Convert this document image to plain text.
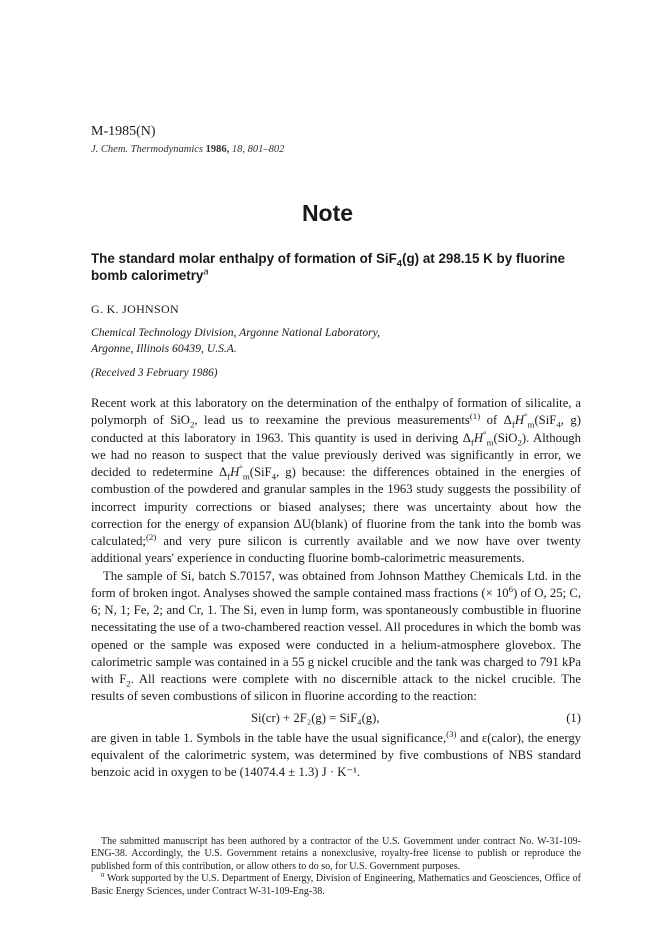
M-1985(N)
J. Chem. Thermodynamics 1986, 18, 801–802
Note
The standard molar enthalpy of formation of SiF$_4$(g) at 298.15 K by fluorine bomb calorimetry$^a$
G. K. JOHNSON
Chemical Technology Division, Argonne National Laboratory,
Argonne, Illinois 60439, U.S.A.
(Received 3 February 1986)

Recent work at this laboratory on the determination of the enthalpy of formation of silicalite, a polymorph of SiO$_2$, lead us to reexamine the previous measurements$^{(1)}$ of $\Delta_fH^\circ_m(SiF_4$, g) conducted at this laboratory in 1963. This quantity is used in deriving $\Delta_fH^\circ_m(SiO_2)$. Although we had no reason to suspect that the value previously derived was significantly in error, we decided to redetermine $\Delta_fH^\circ_m(SiF_4$, g) because: the differences obtained in the energies of combustion of the powdered and granular samples in the 1963 study suggests the possibility of incorrect impurity corrections or biased analyses; there was uncertainty about how the correction for the energy of expansion ΔU(blank) of fluorine from the tank into the bomb was calculated;$^{(2)}$ and very pure silicon is currently available and we now have over twenty additional years' experience in conducting fluorine bomb-calorimetric measurements.

The sample of Si, batch S.70157, was obtained from Johnson Matthey Chemicals Ltd. in the form of broken ingot. Analyses showed the sample contained mass fractions (× $10^6$) of O, 25; C, 6; N, 1; Fe, 2; and Cr, 1. The Si, even in lump form, was spontaneously combustible in fluorine necessitating the use of a two-chambered reaction vessel. All procedures in which the bomb was opened or the sample was exposed were conducted in a helium-atmosphere glovebox. The calorimetric sample was contained in a 55 g nickel crucible and the tank was charged to 791 kPa with $F_2$. All reactions were complete with no discernible attack to the nickel crucible. The results of seven combustions of silicon in fluorine according to the reaction:

Si(cr) + 2F₂(g) = SiF₄(g),	(1)

are given in table 1. Symbols in the table have the usual significance,$^{(3)}$ and ε(calor), the energy equivalent of the calorimetric system, was determined by five combustions of NBS standard benzoic acid in oxygen to be (14074.4 ± 1.3) J · K⁻¹.

The submitted manuscript has been authored by a contractor of the U.S. Government under contract No. W-31-109-ENG-38. Accordingly, the U.S. Government retains a nonexclusive, royalty-free license to publish or reproduce the published form of this contribution, or allow others to do so, for U.S. Government purposes.

$^a$ Work supported by the U.S. Department of Energy, Division of Engineering, Mathematics and Geosciences, Office of Basic Energy Sciences, under Contract W-31-109-Eng-38.
